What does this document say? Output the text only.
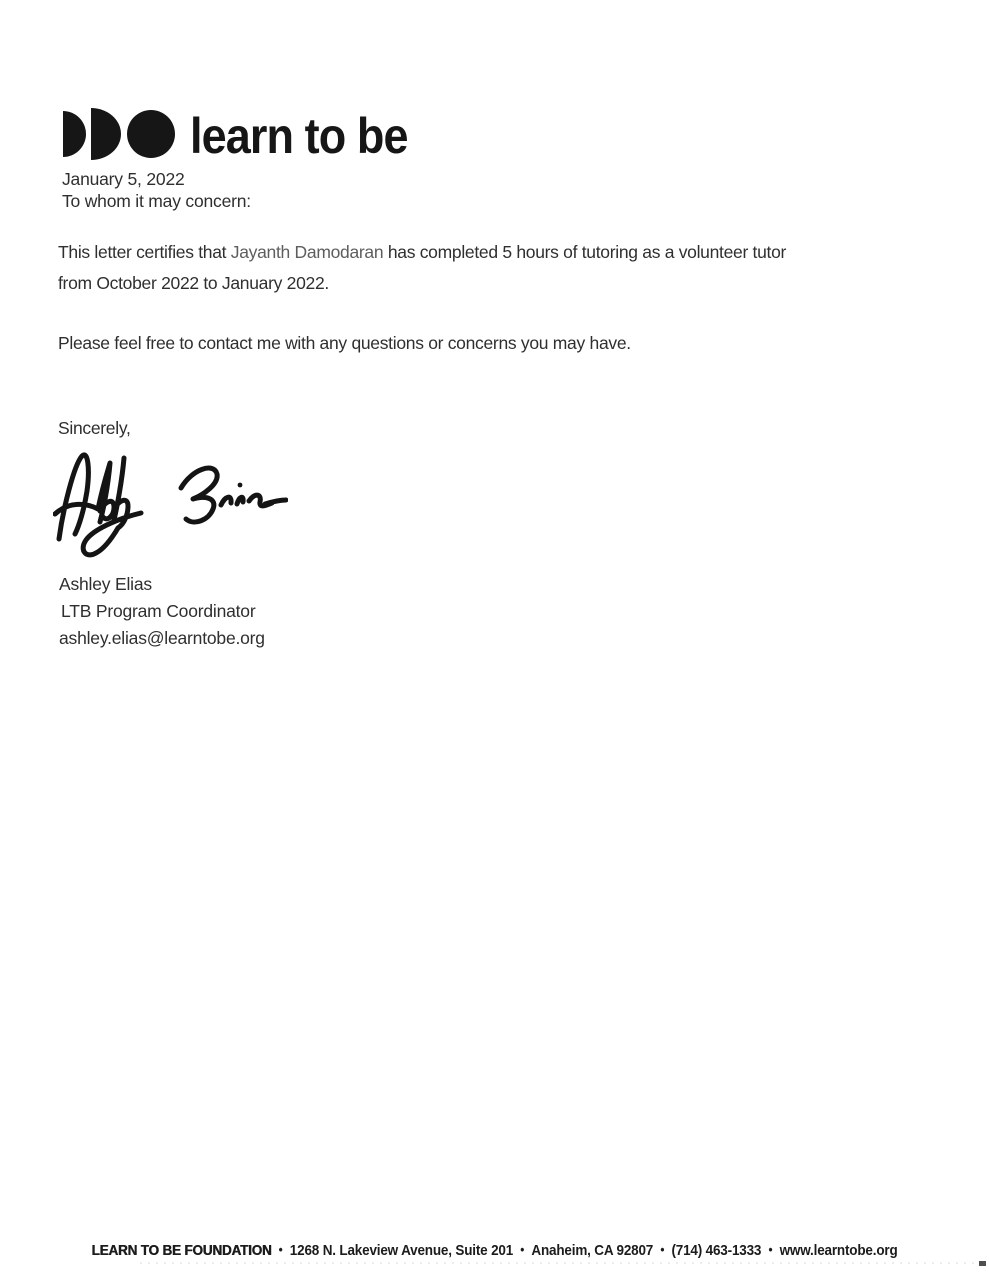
learn to be
January 5, 2022
To whom it may concern:
This letter certifies that Jayanth Damodaran has completed 5 hours of tutoring as a volunteer tutor
from October 2022 to January 2022.
Please feel free to contact me with any questions or concerns you may have.
Sincerely,
Ashley Elias
LTB Program Coordinator
ashley.elias@learntobe.org
LEARN TO BE FOUNDATION • 1268 N. Lakeview Avenue, Suite 201 • Anaheim, CA 92807 • (714) 463-1333 • www.learntobe.org
